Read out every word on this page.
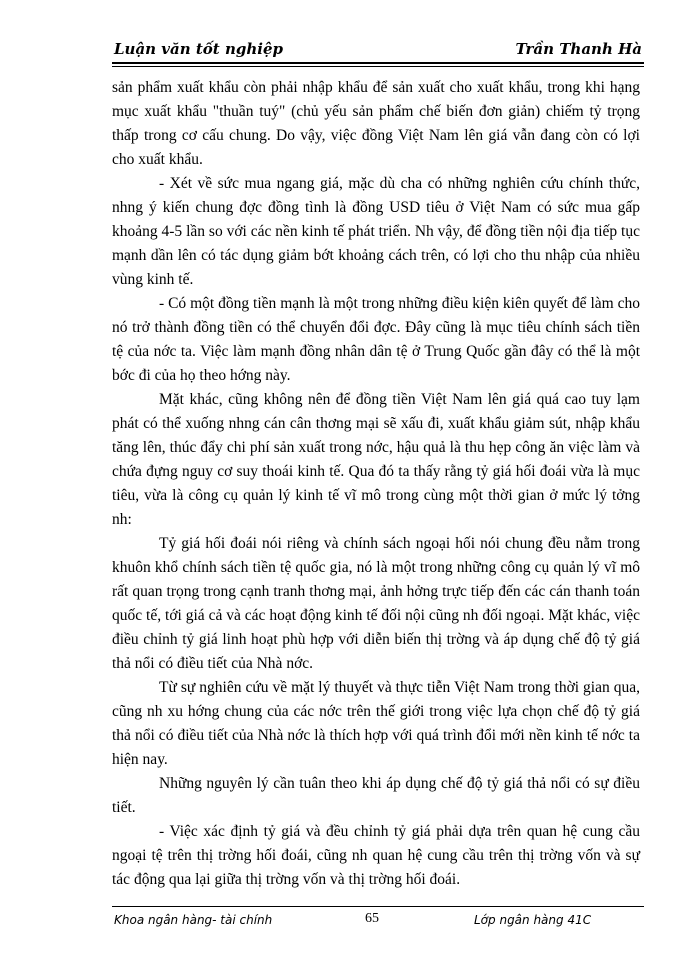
Luận văn tốt nghiệp	Trần Thanh Hà

sản phẩm xuất khẩu còn phải nhập khẩu để sản xuất cho xuất khẩu, trong khi hạng mục xuất khẩu "thuần tuý" (chủ yếu sản phẩm chế biến đơn giản) chiếm tỷ trọng thấp trong cơ cấu chung. Do vậy, việc đồng Việt Nam lên giá vẫn đang còn có lợi cho xuất khẩu.

- Xét về sức mua ngang giá, mặc dù cha có những nghiên cứu chính thức, nhng ý kiến chung đợc đồng tình là đồng USD tiêu ở Việt Nam có sức mua gấp khoảng 4-5 lần so với các nền kinh tế phát triển. Nh vậy, để đồng tiền nội địa tiếp tục mạnh dần lên có tác dụng giảm bớt khoảng cách trên, có lợi cho thu nhập của nhiều vùng kinh tế.

- Có một đồng tiền mạnh là một trong những điều kiện kiên quyết để làm cho nó trở thành đồng tiền có thể chuyển đổi đợc. Đây cũng là mục tiêu chính sách tiền tệ của nớc ta. Việc làm mạnh đồng nhân dân tệ ở Trung Quốc gần đây có thể là một bớc đi của họ theo hớng này.

Mặt khác, cũng không nên để đồng tiền Việt Nam lên giá quá cao tuy lạm phát có thể xuống nhng cán cân thơng mại sẽ xấu đi, xuất khẩu giảm sút, nhập khẩu tăng lên, thúc đẩy chi phí sản xuất trong nớc, hậu quả là thu hẹp công ăn việc làm và chứa đựng nguy cơ suy thoái kinh tế. Qua đó ta thấy rằng tỷ giá hối đoái vừa là mục tiêu, vừa là công cụ quản lý kinh tế vĩ mô trong cùng một thời gian ở mức lý tởng nh:

Tỷ giá hối đoái nói riêng và chính sách ngoại hối nói chung đều nằm trong khuôn khổ chính sách tiền tệ quốc gia, nó là một trong những công cụ quản lý vĩ mô rất quan trọng trong cạnh tranh thơng mại, ảnh hởng trực tiếp đến các cán thanh toán quốc tế, tới giá cả và các hoạt động kinh tế đối nội cũng nh đối ngoại. Mặt khác, việc điều chỉnh tỷ giá linh hoạt phù hợp với diễn biến thị trờng và áp dụng chế độ tỷ giá thả nổi có điều tiết của Nhà nớc.

Từ sự nghiên cứu về mặt lý thuyết và thực tiễn Việt Nam trong thời gian qua, cũng nh xu hớng chung của các nớc trên thế giới trong việc lựa chọn chế độ tỷ giá thả nổi có điều tiết của Nhà nớc là thích hợp với quá trình đổi mới nền kinh tế nớc ta hiện nay.

Những nguyên lý cần tuân theo khi áp dụng chế độ tỷ giá thả nổi có sự điều tiết.

- Việc xác định tỷ giá và đều chỉnh tỷ giá phải dựa trên quan hệ cung cầu ngoại tệ trên thị trờng hối đoái, cũng nh quan hệ cung cầu trên thị trờng vốn và sự tác động qua lại giữa thị trờng vốn và thị trờng hối đoái.

Khoa ngân hàng- tài chính	65	Lớp ngân hàng 41C
